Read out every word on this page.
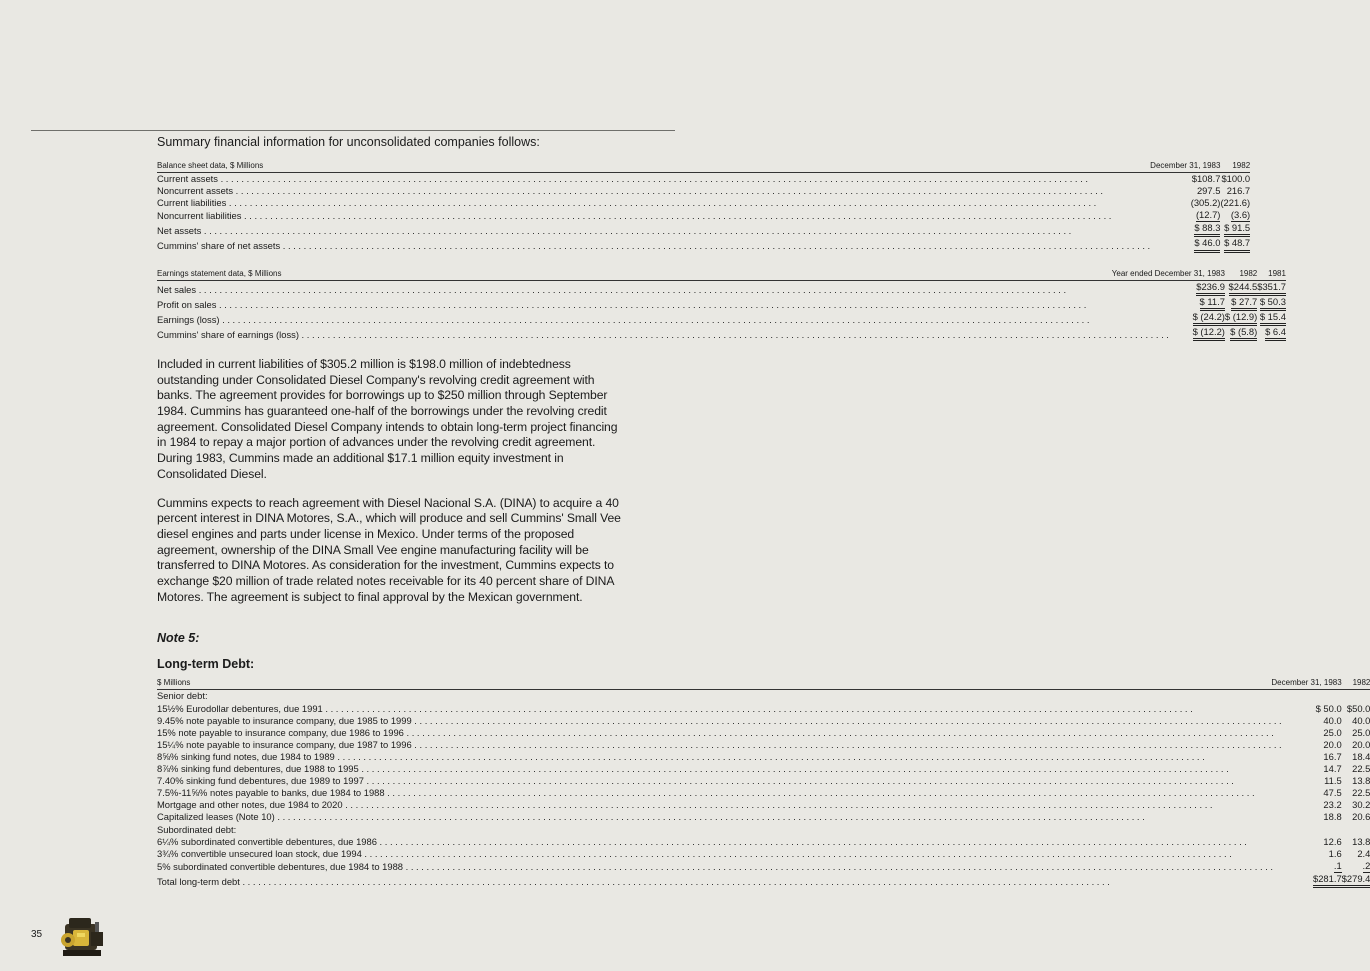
Summary financial information for unconsolidated companies follows:
Balance sheet data, $ Millions	December 31, 1983	1982

Current assets . . .	$108.7	$100.0

Noncurrent assets . . .	297.5	216.7

Current liabilities . . .	(305.2)	(221.6)

Noncurrent liabilities . . .	(12.7)	(3.6)

Net assets . . .	$ 88.3	$ 91.5

Cummins' share of net assets . . .	$ 46.0	$ 48.7
Earnings statement data, $ Millions	Year ended December 31, 1983	1982	1981

Net sales . . .	$236.9	$244.5	$351.7

Profit on sales . . .	$ 11.7	$ 27.7	$ 50.3

Earnings (loss) . . .	$ (24.2)	$ (12.9)	$ 15.4

Cummins' share of earnings (loss) . . .	$ (12.2)	$ (5.8)	$ 6.4

Included in current liabilities of $305.2 million is $198.0 million of indebtedness outstanding under Consolidated Diesel Company's revolving credit agreement with banks. The agreement provides for borrowings up to $250 million through September 1984. Cummins has guaranteed one-half of the borrowings under the revolving credit agreement. Consolidated Diesel Company intends to obtain long-term project financing in 1984 to repay a major portion of advances under the revolving credit agreement. During 1983, Cummins made an additional $17.1 million equity investment in Consolidated Diesel.

Cummins expects to reach agreement with Diesel Nacional S.A. (DINA) to acquire a 40 percent interest in DINA Motores, S.A., which will produce and sell Cummins' Small Vee diesel engines and parts under license in Mexico. Under terms of the proposed agreement, ownership of the DINA Small Vee engine manufacturing facility will be transferred to DINA Motores. As consideration for the investment, Cummins expects to exchange $20 million of trade related notes receivable for its 40 percent share of DINA Motores. The agreement is subject to final approval by the Mexican government.

Note 5:
Long-term Debt:
$ Millions	December 31, 1983	1982
Senior debt:		

15½% Eurodollar debentures, due 1991 . . .	$ 50.0	$50.0

9.45% note payable to insurance company, due 1985 to 1999 . . .	40.0	40.0

15% note payable to insurance company, due 1986 to 1996 . . .	25.0	25.0

15¼% note payable to insurance company, due 1987 to 1996 . . .	20.0	20.0

8⅝% sinking fund notes, due 1984 to 1989 . . .	16.7	18.4

8⅞% sinking fund debentures, due 1988 to 1995 . . .	14.7	22.5

7.40% sinking fund debentures, due 1989 to 1997 . . .	11.5	13.8

7.5%-11⅝% notes payable to banks, due 1984 to 1988 . . .	47.5	22.5

Mortgage and other notes, due 1984 to 2020 . . .	23.2	30.2

Capitalized leases (Note 10) . . .	18.8	20.6
Subordinated debt:		

6¼% subordinated convertible debentures, due 1986 . . .	12.6	13.8

3¾% convertible unsecured loan stock, due 1994 . . .	1.6	2.4

5% subordinated convertible debentures, due 1984 to 1988 . . .	.1	.2

Total long-term debt . . .	$281.7	$279.4
35
